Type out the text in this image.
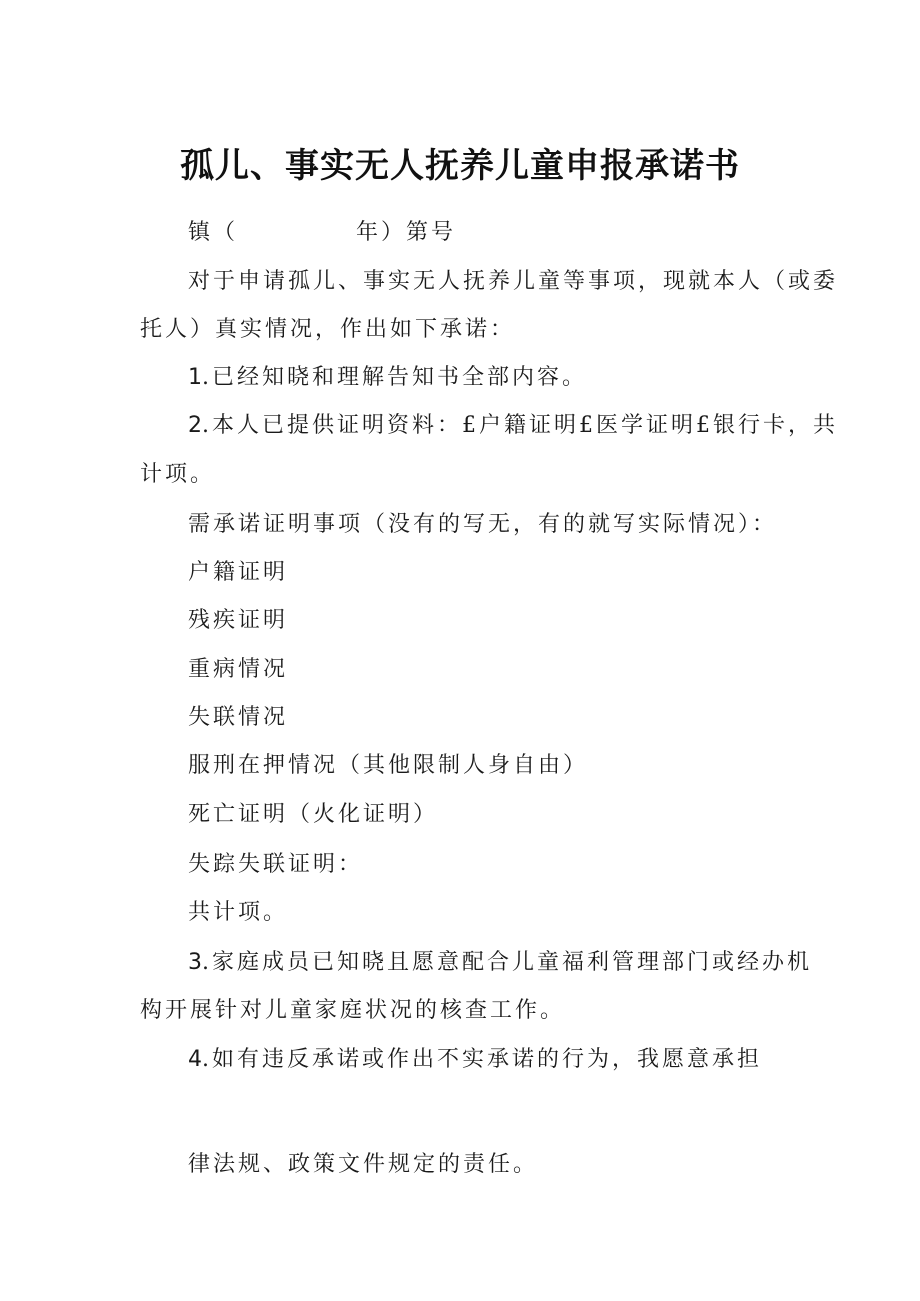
孤儿、事实无人抚养儿童申报承诺书
镇（	年）第号
对于申请孤儿、事实无人抚养儿童等事项，现就本人（或委
托人）真实情况，作出如下承诺：
1.已经知晓和理解告知书全部内容。
2.本人已提供证明资料：£户籍证明£医学证明£银行卡，共
计项。
需承诺证明事项（没有的写无，有的就写实际情况）：
户籍证明
残疾证明
重病情况
失联情况
服刑在押情况（其他限制人身自由）
死亡证明（火化证明）
失踪失联证明：
共计项。
3.家庭成员已知晓且愿意配合儿童福利管理部门或经办机
构开展针对儿童家庭状况的核查工作。
4.如有违反承诺或作出不实承诺的行为，我愿意承担
律法规、政策文件规定的责任。
